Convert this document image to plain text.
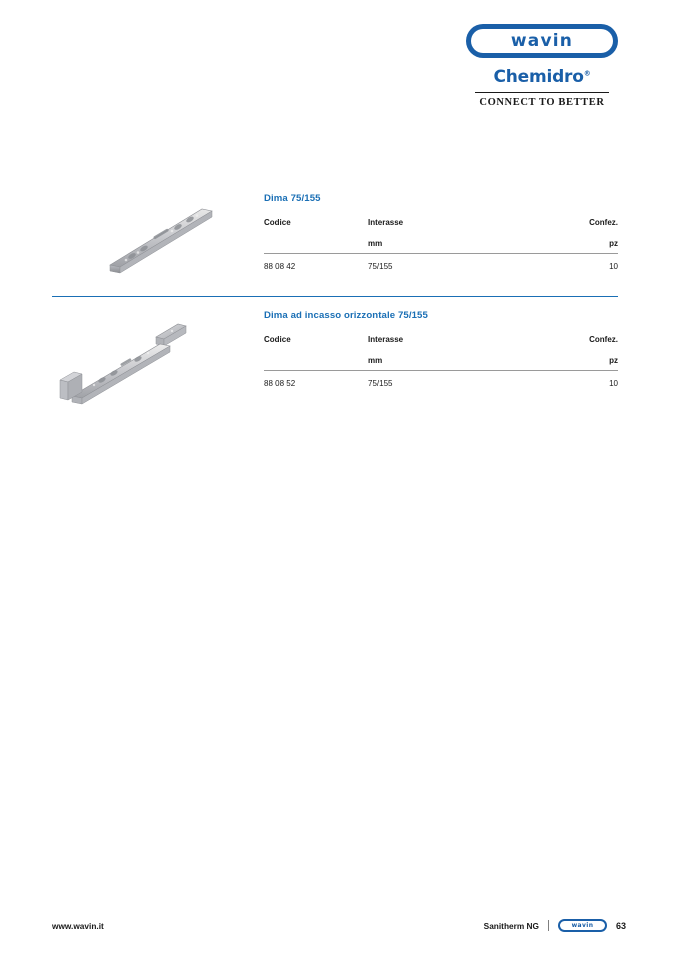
wavin
Chemidro®
CONNECT TO BETTER
Dima 75/155
Codice	Interasse	Confez.
	mm	pz
88 08 42	75/155	10
Dima ad incasso orizzontale 75/155
Codice	Interasse	Confez.
	mm	pz
88 08 52	75/155	10
www.wavin.it	Sanitherm NG	wavin	63
